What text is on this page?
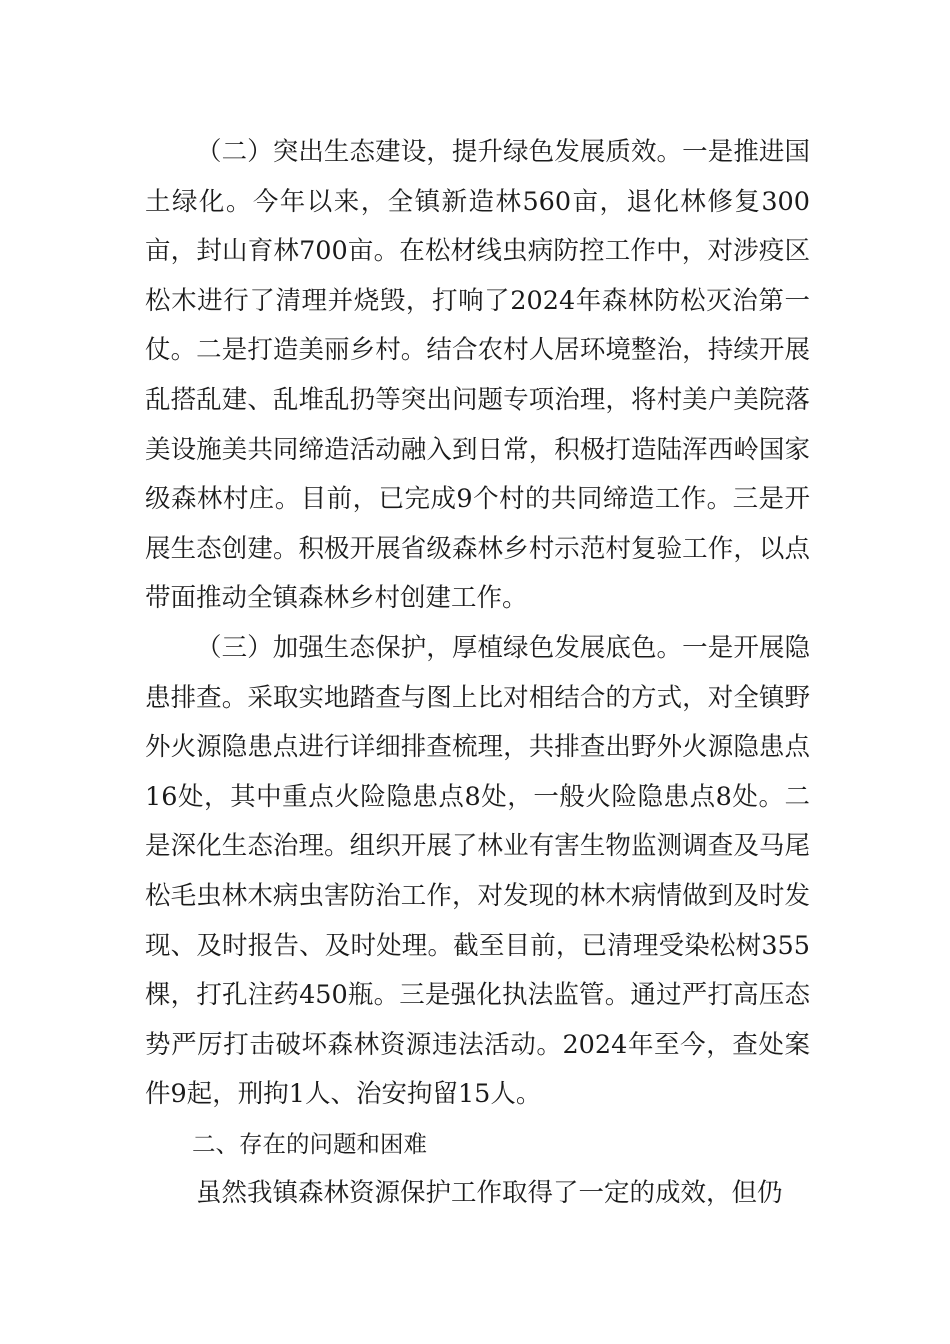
（二）突出生态建设，提升绿色发展质效。一是推进国土绿化。今年以来，全镇新造林560亩，退化林修复300亩，封山育林700亩。在松材线虫病防控工作中，对涉疫区松木进行了清理并烧毁，打响了2024年森林防松灭治第一仗。二是打造美丽乡村。结合农村人居环境整治，持续开展乱搭乱建、乱堆乱扔等突出问题专项治理，将村美户美院落美设施美共同缔造活动融入到日常，积极打造陆浑西岭国家级森林村庄。目前，已完成9个村的共同缔造工作。三是开展生态创建。积极开展省级森林乡村示范村复验工作，以点带面推动全镇森林乡村创建工作。

（三）加强生态保护，厚植绿色发展底色。一是开展隐患排查。采取实地踏查与图上比对相结合的方式，对全镇野外火源隐患点进行详细排查梳理，共排查出野外火源隐患点16处，其中重点火险隐患点8处，一般火险隐患点8处。二是深化生态治理。组织开展了林业有害生物监测调查及马尾松毛虫林木病虫害防治工作，对发现的林木病情做到及时发现、及时报告、及时处理。截至目前，已清理受染松树355棵，打孔注药450瓶。三是强化执法监管。通过严打高压态势严厉打击破坏森林资源违法活动。2024年至今，查处案件9起，刑拘1人、治安拘留15人。

二、存在的问题和困难

虽然我镇森林资源保护工作取得了一定的成效，但仍
